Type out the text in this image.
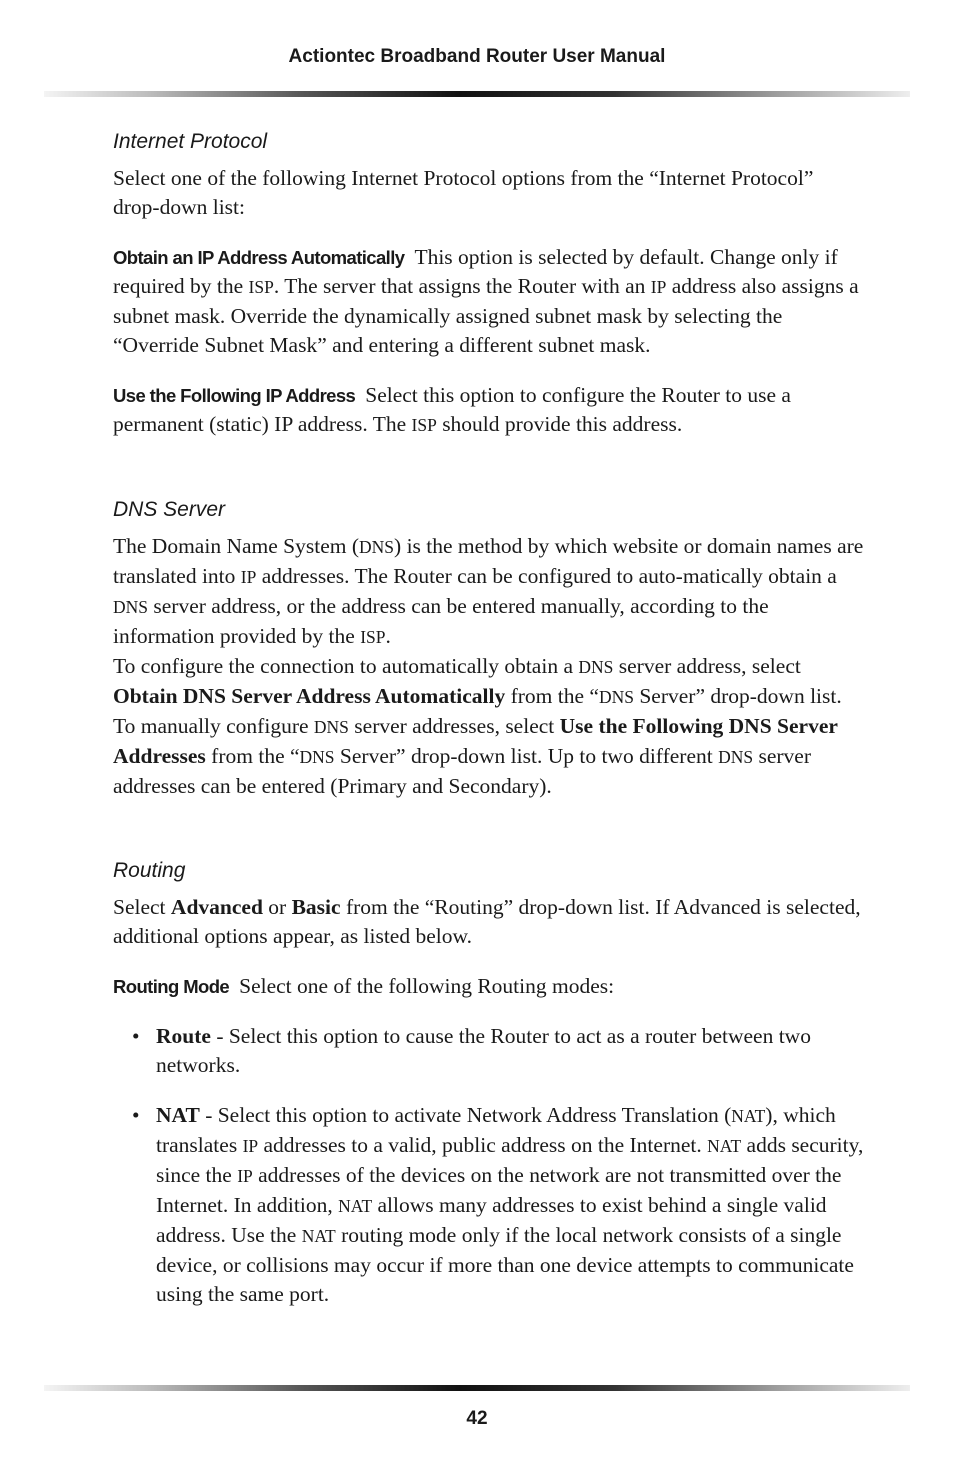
Actiontec Broadband Router User Manual
Internet Protocol

Select one of the following Internet Protocol options from the “Internet Protocol” drop-down list:

Obtain an IP Address Automatically This option is selected by default. Change only if required by the ISP. The server that assigns the Router with an IP address also assigns a subnet mask. Override the dynamically assigned subnet mask by selecting the “Override Subnet Mask” and entering a different subnet mask.

Use the Following IP Address Select this option to configure the Router to use a permanent (static) IP address. The ISP should provide this address.

DNS Server

The Domain Name System (DNS) is the method by which website or domain names are translated into IP addresses. The Router can be configured to auto-matically obtain a DNS server address, or the address can be entered manually, according to the information provided by the ISP.

To configure the connection to automatically obtain a DNS server address, select Obtain DNS Server Address Automatically from the “DNS Server” drop-down list. To manually configure DNS server addresses, select Use the Following DNS Server Addresses from the “DNS Server” drop-down list. Up to two different DNS server addresses can be entered (Primary and Secondary).

Routing

Select Advanced or Basic from the “Routing” drop-down list. If Advanced is selected, additional options appear, as listed below.

Routing Mode Select one of the following Routing modes:

• Route - Select this option to cause the Router to act as a router between two networks.
• NAT - Select this option to activate Network Address Translation (NAT), which translates IP addresses to a valid, public address on the Internet. NAT adds security, since the IP addresses of the devices on the network are not transmitted over the Internet. In addition, NAT allows many addresses to exist behind a single valid address. Use the NAT routing mode only if the local network consists of a single device, or collisions may occur if more than one device attempts to communicate using the same port.
42
